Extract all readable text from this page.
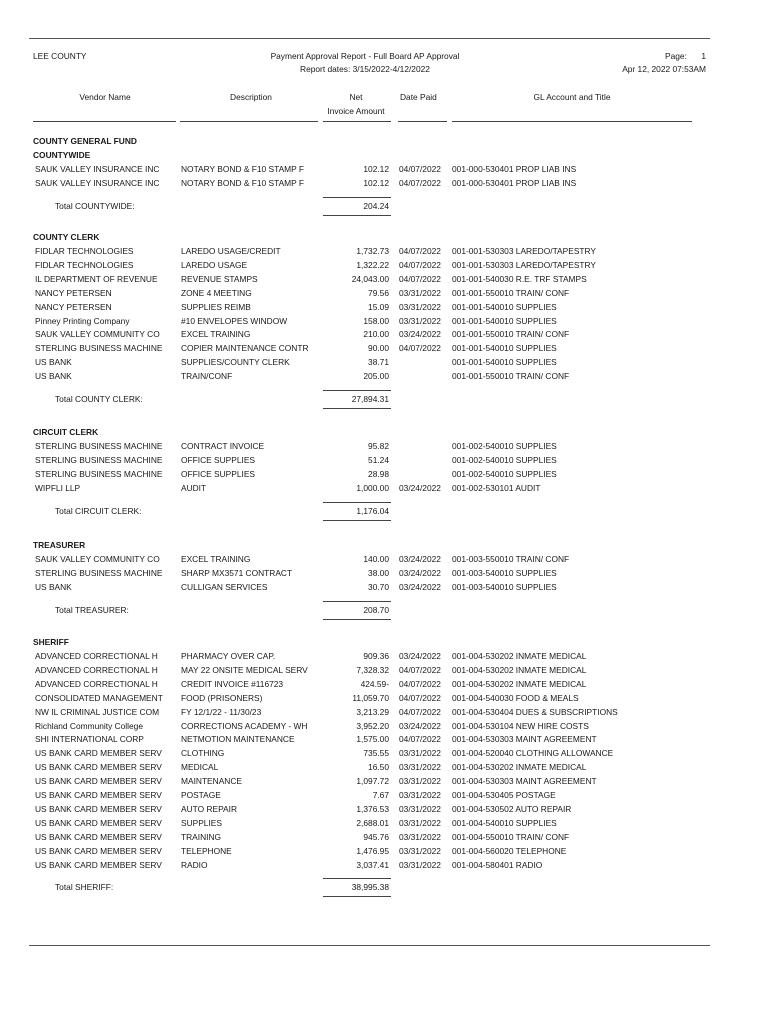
LEE COUNTY	Payment Approval Report - Full Board AP Approval
Report dates: 3/15/2022-4/12/2022
Page:	1
Apr 12, 2022 07:53AM
Vendor Name	Description	Net
Invoice Amount
Date Paid	GL Account and Title
COUNTY GENERAL FUND
COUNTYWIDE
SAUK VALLEY INSURANCE INC	NOTARY BOND & F10 STAMP F	102.12 04/07/2022 001-000-530401 PROP LIAB INS
SAUK VALLEY INSURANCE INC	NOTARY BOND & F10 STAMP F	102.12 04/07/2022 001-000-530401 PROP LIAB INS
Total COUNTYWIDE:	204.24
COUNTY CLERK
FIDLAR TECHNOLOGIES	LAREDO USAGE/CREDIT	1,732.73 04/07/2022 001-001-530303 LAREDO/TAPESTRY
FIDLAR TECHNOLOGIES	LAREDO USAGE	1,322.22 04/07/2022 001-001-530303 LAREDO/TAPESTRY
IL DEPARTMENT OF REVENUE	REVENUE STAMPS	24,043.00 04/07/2022 001-001-540030 R.E. TRF STAMPS
NANCY PETERSEN	ZONE 4 MEETING	79.56 03/31/2022 001-001-550010 TRAIN/ CONF
NANCY PETERSEN	SUPPLIES REIMB	15.09 03/31/2022 001-001-540010 SUPPLIES
Pinney Printing Company	#10 ENVELOPES WINDOW	158.00 03/31/2022 001-001-540010 SUPPLIES
SAUK VALLEY COMMUNITY CO	EXCEL TRAINING	210.00 03/24/2022 001-001-550010 TRAIN/ CONF
STERLING BUSINESS MACHINE	COPIER MAINTENANCE CONTR	90.00 04/07/2022 001-001-540010 SUPPLIES
US BANK	SUPPLIES/COUNTY CLERK	38.71	001-001-540010 SUPPLIES
US BANK	TRAIN/CONF	205.00	001-001-550010 TRAIN/ CONF
Total COUNTY CLERK:	27,894.31
CIRCUIT CLERK
STERLING BUSINESS MACHINE	CONTRACT INVOICE	95.82	001-002-540010 SUPPLIES
STERLING BUSINESS MACHINE	OFFICE SUPPLIES	51.24	001-002-540010 SUPPLIES
STERLING BUSINESS MACHINE	OFFICE SUPPLIES	28.98	001-002-540010 SUPPLIES
WIPFLI LLP	AUDIT	1,000.00 03/24/2022 001-002-530101 AUDIT
Total CIRCUIT CLERK:	1,176.04
TREASURER
SAUK VALLEY COMMUNITY CO	EXCEL TRAINING	140.00 03/24/2022 001-003-550010 TRAIN/ CONF
STERLING BUSINESS MACHINE	SHARP MX3571 CONTRACT	38.00 03/24/2022 001-003-540010 SUPPLIES
US BANK	CULLIGAN SERVICES	30.70 03/24/2022 001-003-540010 SUPPLIES
Total TREASURER:	208.70
SHERIFF
ADVANCED CORRECTIONAL H	PHARMACY OVER CAP.	909.36 03/24/2022 001-004-530202 INMATE MEDICAL
ADVANCED CORRECTIONAL H	MAY 22 ONSITE MEDICAL SERV	7,328.32 04/07/2022 001-004-530202 INMATE MEDICAL
ADVANCED CORRECTIONAL H	CREDIT INVOICE #116723	424.59- 04/07/2022 001-004-530202 INMATE MEDICAL
CONSOLIDATED MANAGEMENT	FOOD (PRISONERS)	11,059.70 04/07/2022 001-004-540030 FOOD & MEALS
NW IL CRIMINAL JUSTICE COM	FY 12/1/22 - 11/30/23	3,213.29 04/07/2022 001-004-530404 DUES & SUBSCRIPTIONS
Richland Community College	CORRECTIONS ACADEMY - WH	3,952.20 03/24/2022 001-004-530104 NEW HIRE COSTS
SHI INTERNATIONAL CORP	NETMOTION MAINTENANCE	1,575.00 04/07/2022 001-004-530303 MAINT AGREEMENT
US BANK CARD MEMBER SERV	CLOTHING	735.55 03/31/2022 001-004-520040 CLOTHING ALLOWANCE
US BANK CARD MEMBER SERV	MEDICAL	16.50 03/31/2022 001-004-530202 INMATE MEDICAL
US BANK CARD MEMBER SERV	MAINTENANCE	1,097.72 03/31/2022 001-004-530303 MAINT AGREEMENT
US BANK CARD MEMBER SERV	POSTAGE	7.67 03/31/2022 001-004-530405 POSTAGE
US BANK CARD MEMBER SERV	AUTO REPAIR	1,376.53 03/31/2022 001-004-530502 AUTO REPAIR
US BANK CARD MEMBER SERV	SUPPLIES	2,688.01 03/31/2022 001-004-540010 SUPPLIES
US BANK CARD MEMBER SERV	TRAINING	945.76 03/31/2022 001-004-550010 TRAIN/ CONF
US BANK CARD MEMBER SERV	TELEPHONE	1,476.95 03/31/2022 001-004-560020 TELEPHONE
US BANK CARD MEMBER SERV	RADIO	3,037.41 03/31/2022 001-004-580401 RADIO
Total SHERIFF:	38,995.38
